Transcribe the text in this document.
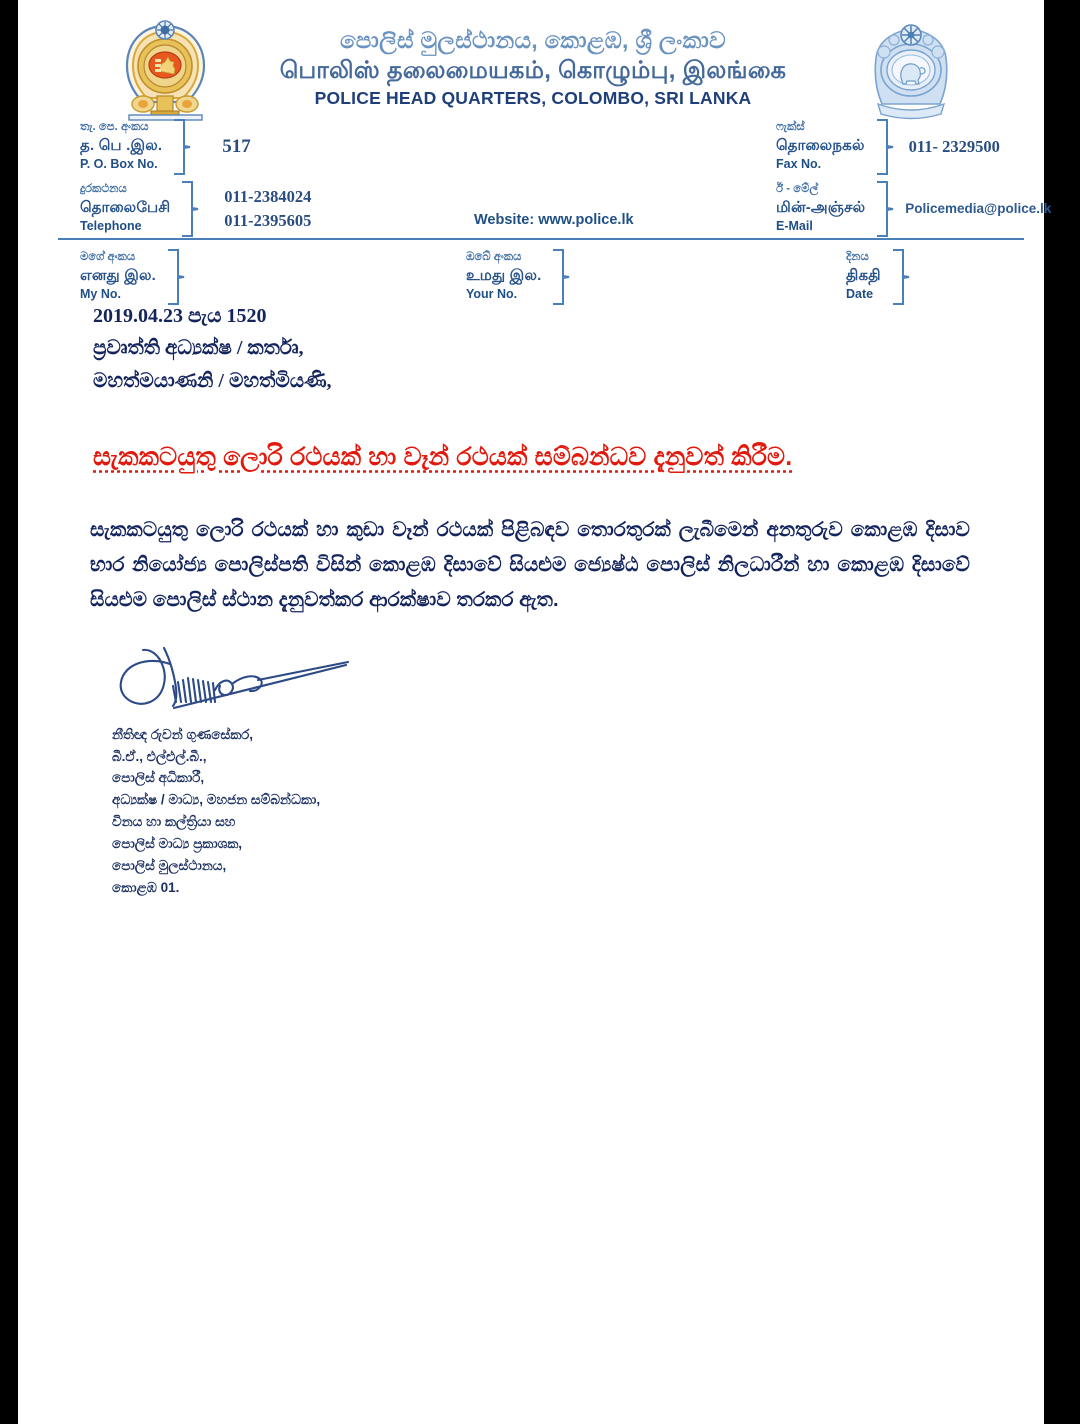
පොලිස් මුලස්ථානය, කොළඹ, ශ්‍රී ලංකාව
பொலிஸ் தலைமையகம், கொழும்பு, இலங்கை
POLICE HEAD QUARTERS, COLOMBO, SRI LANKA
තැ. පෙ. අංකය
த. பெ .இல.
P. O. Box No.
517
දුරකථනය
தொலைபேசி
Telephone
011-2384024
011-2395605
ෆැක්ස්
தொலைநகல்
Fax No.
011- 2329500
ඊ - මේල්
மின்-அஞ்சல்
E-Mail
Policemedia@police.lk
Website: www.police.lk
මගේ අංකය
எனது இல.
My No.
ඔබේ අංකය
உமது இல.
Your No.
දිනය
திகதி
Date
2019.04.23 පැය 1520
ප්‍රවෘත්ති අධ්‍යක්ෂ / කර්තෘ,
මහත්මයාණනි / මහත්මියණි,
සැකකටයුතු ලොරි රථයක් හා වෑන් රථයක් සම්බන්ධව දැනුවත් කිරීම.
සැකකටයුතු ලොරි රථයක් හා කුඩා වෑන් රථයක් පිළිබඳව තොරතුරක් ලැබීමෙන් අනතුරුව කොළඹ දිසාව භාර නියෝජ්‍ය පොලිස්පති විසින් කොළඹ දිසාවේ සියළුම ජ්‍යෙෂ්ඨ පොලිස් නිලධාරීන් හා කොළඹ දිසාවේ සියළුම පොලිස් ස්ථාන දැනුවත්කර ආරක්ෂාව තරකර ඇත.
නීතිඥ රුවන් ගුණසේකර,
බී.ඒ., එල්එල්.බී.,
පොලිස් අධිකාරී,
අධ්‍යක්ෂ / මාධ්‍ය, මහජන සම්බන්ධකා,
විනය හා කල්ත්‍රියා සහ
පොලිස් මාධ්‍ය ප්‍රකාශක,
පොලිස් මුලස්ථානය,
කොළඹ 01.
